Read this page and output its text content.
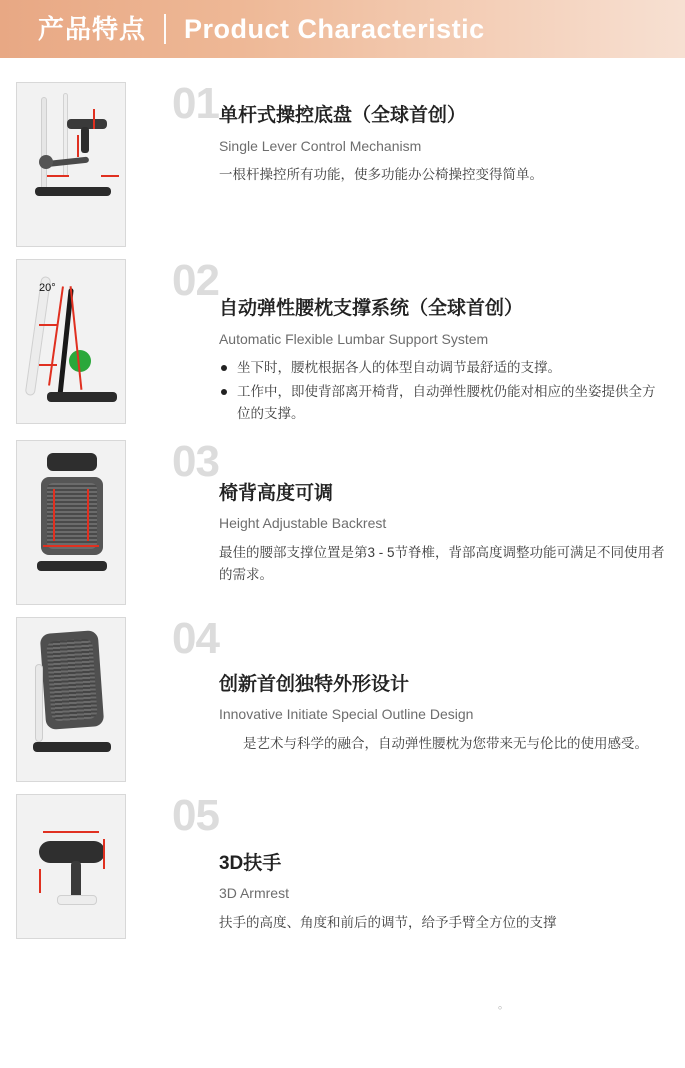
产品特点 Product Characteristic
01 单杆式操控底盘（全球首创）
Single Lever Control Mechanism
一根杆操控所有功能，使多功能办公椅操控变得简单。
20°	02
自动弹性腰枕支撑系统（全球首创）
Automatic Flexible Lumbar Support System
坐下时，腰枕根据各人的体型自动调节最舒适的支撑。
工作中，即使背部离开椅背，自动弹性腰枕仍能对相应的坐姿提供全方位的支撑。
03
椅背高度可调
Height Adjustable Backrest
最佳的腰部支撑位置是第3 - 5节脊椎，背部高度调整功能可满足不同使用者的需求。
04
创新首创独特外形设计
Innovative Initiate Special Outline Design
是艺术与科学的融合，自动弹性腰枕为您带来无与伦比的使用感受。
05
3D扶手
3D Armrest
扶手的高度、角度和前后的调节，给予手臂全方位的支撑
。
